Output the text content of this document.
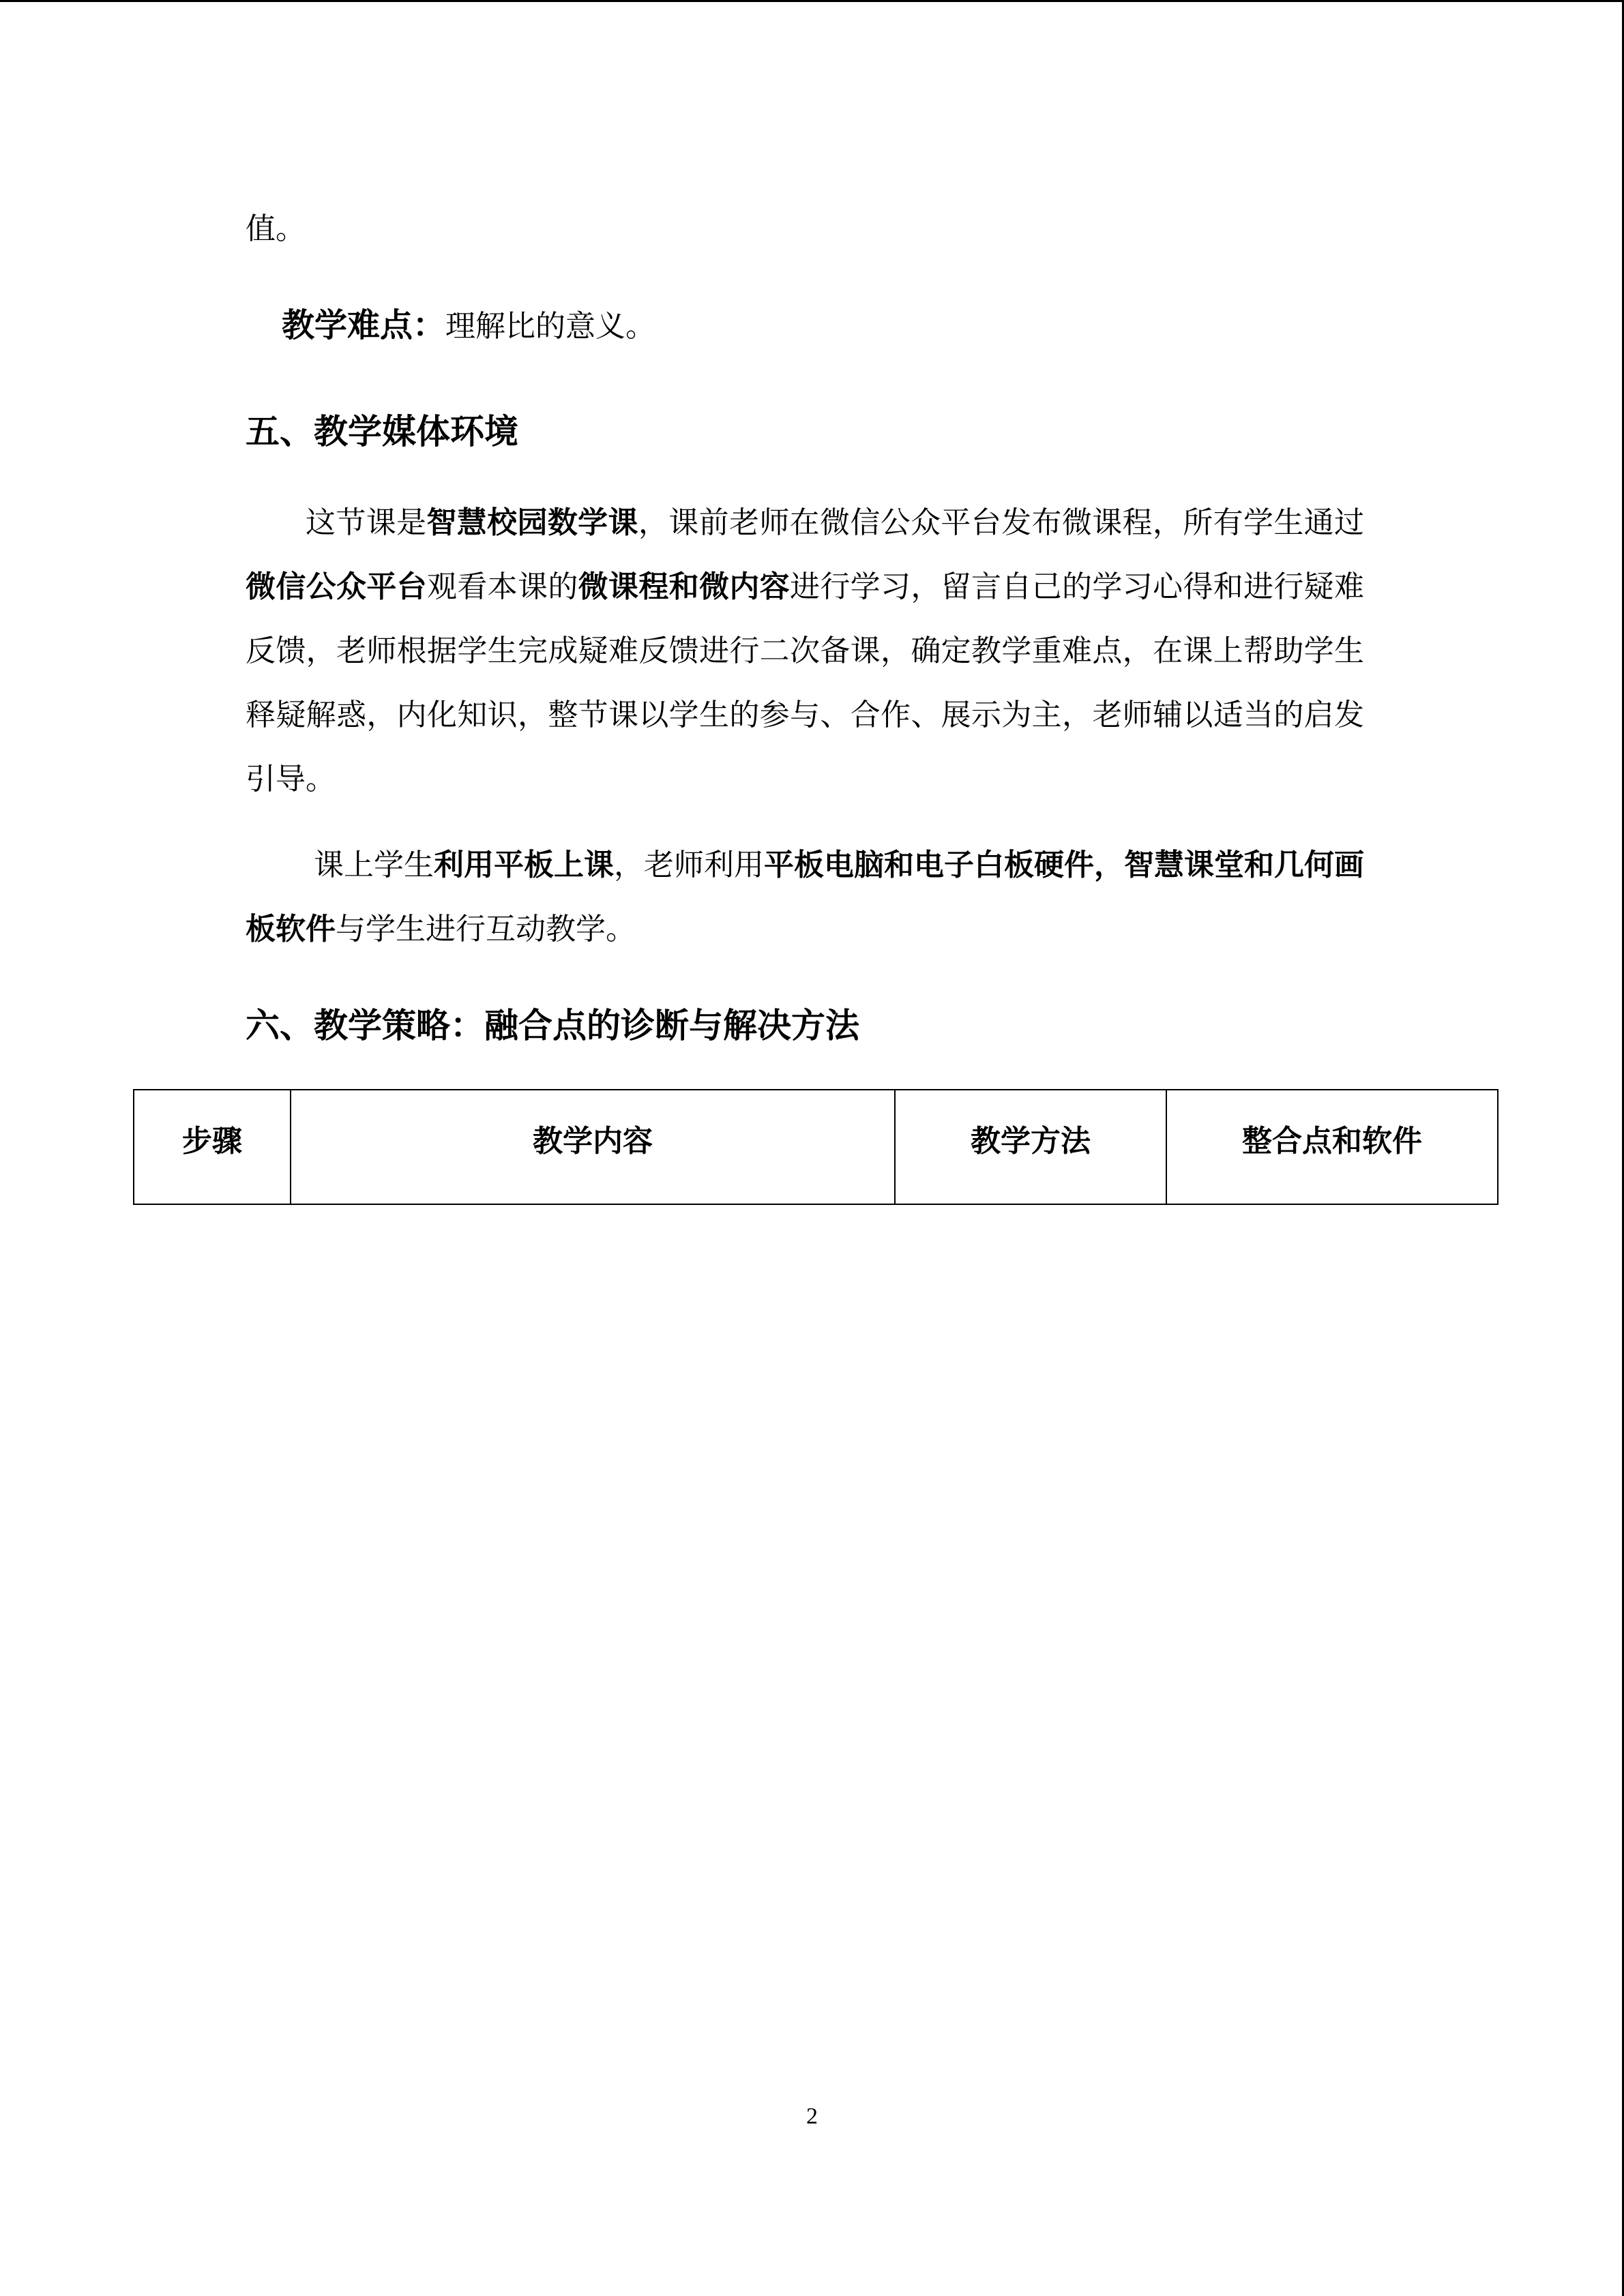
值。
教学难点：理解比的意义。
五、教学媒体环境
这节课是智慧校园数学课，课前老师在微信公众平台发布微课程，所有学生通过微信公众平台观看本课的微课程和微内容进行学习，留言自己的学习心得和进行疑难反馈，老师根据学生完成疑难反馈进行二次备课，确定教学重难点，在课上帮助学生释疑解惑，内化知识，整节课以学生的参与、合作、展示为主，老师辅以适当的启发引导。
课上学生利用平板上课，老师利用平板电脑和电子白板硬件，智慧课堂和几何画板软件与学生进行互动教学。
六、教学策略：融合点的诊断与解决方法
步骤	教学内容	教学方法	整合点和软件
2
